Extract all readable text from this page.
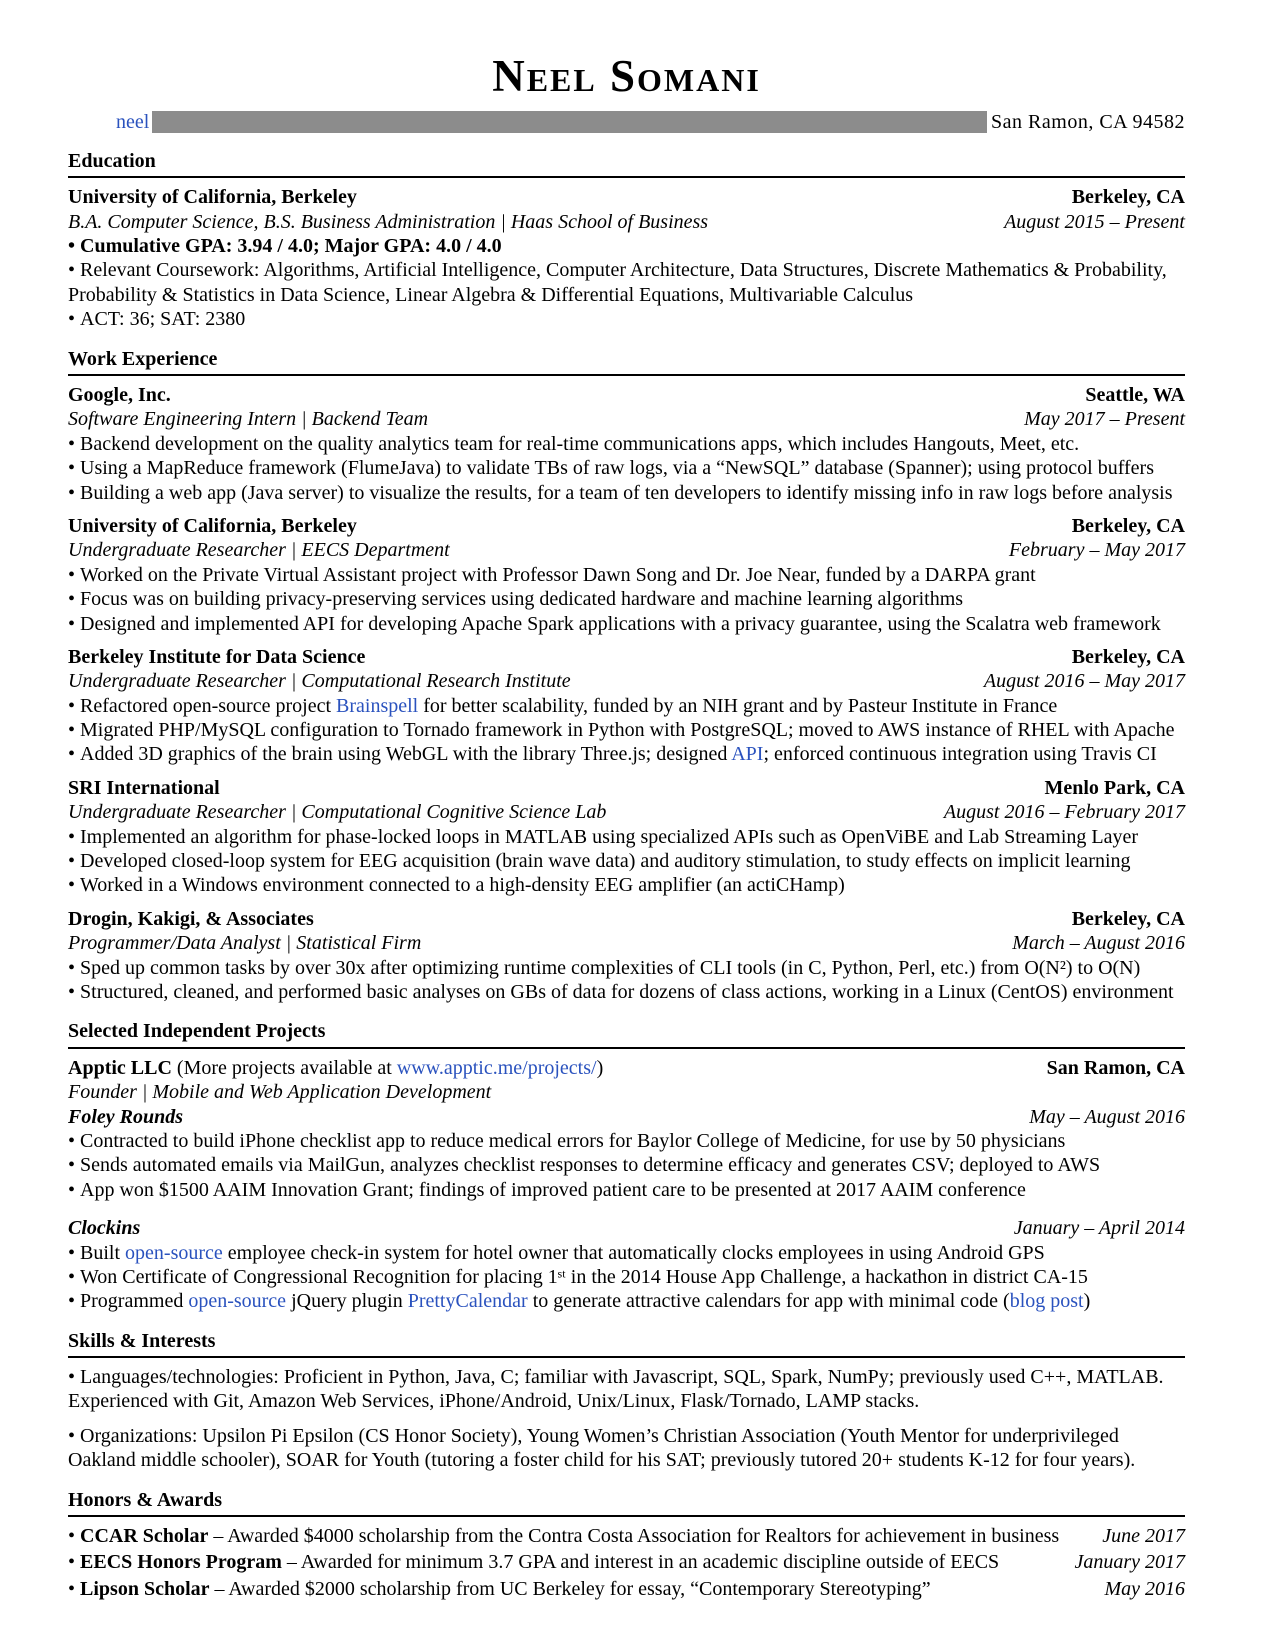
Neel Somani
neel	San Ramon, CA 94582
Education
University of California, Berkeley	Berkeley, CA
B.A. Computer Science, B.S. Business Administration | Haas School of Business	August 2015 – Present
• Cumulative GPA: 3.94 / 4.0; Major GPA: 4.0 / 4.0
• Relevant Coursework: Algorithms, Artificial Intelligence, Computer Architecture, Data Structures, Discrete Mathematics & Probability, Probability & Statistics in Data Science, Linear Algebra & Differential Equations, Multivariable Calculus
• ACT: 36; SAT: 2380
Work Experience
Google, Inc.	Seattle, WA
Software Engineering Intern | Backend Team	May 2017 – Present
• Backend development on the quality analytics team for real-time communications apps, which includes Hangouts, Meet, etc.
• Using a MapReduce framework (FlumeJava) to validate TBs of raw logs, via a “NewSQL” database (Spanner); using protocol buffers
• Building a web app (Java server) to visualize the results, for a team of ten developers to identify missing info in raw logs before analysis
University of California, Berkeley	Berkeley, CA
Undergraduate Researcher | EECS Department	February – May 2017
• Worked on the Private Virtual Assistant project with Professor Dawn Song and Dr. Joe Near, funded by a DARPA grant
• Focus was on building privacy-preserving services using dedicated hardware and machine learning algorithms
• Designed and implemented API for developing Apache Spark applications with a privacy guarantee, using the Scalatra web framework
Berkeley Institute for Data Science	Berkeley, CA
Undergraduate Researcher | Computational Research Institute	August 2016 – May 2017
• Refactored open-source project Brainspell for better scalability, funded by an NIH grant and by Pasteur Institute in France
• Migrated PHP/MySQL configuration to Tornado framework in Python with PostgreSQL; moved to AWS instance of RHEL with Apache
• Added 3D graphics of the brain using WebGL with the library Three.js; designed API; enforced continuous integration using Travis CI
SRI International	Menlo Park, CA
Undergraduate Researcher | Computational Cognitive Science Lab	August 2016 – February 2017
• Implemented an algorithm for phase-locked loops in MATLAB using specialized APIs such as OpenViBE and Lab Streaming Layer
• Developed closed-loop system for EEG acquisition (brain wave data) and auditory stimulation, to study effects on implicit learning
• Worked in a Windows environment connected to a high-density EEG amplifier (an actiCHamp)
Drogin, Kakigi, & Associates	Berkeley, CA
Programmer/Data Analyst | Statistical Firm	March – August 2016
• Sped up common tasks by over 30x after optimizing runtime complexities of CLI tools (in C, Python, Perl, etc.) from O(N²) to O(N)
• Structured, cleaned, and performed basic analyses on GBs of data for dozens of class actions, working in a Linux (CentOS) environment
Selected Independent Projects
Apptic LLC (More projects available at www.apptic.me/projects/)	San Ramon, CA
Founder | Mobile and Web Application Development
Foley Rounds	May – August 2016
• Contracted to build iPhone checklist app to reduce medical errors for Baylor College of Medicine, for use by 50 physicians
• Sends automated emails via MailGun, analyzes checklist responses to determine efficacy and generates CSV; deployed to AWS
• App won $1500 AAIM Innovation Grant; findings of improved patient care to be presented at 2017 AAIM conference
Clockins	January – April 2014
• Built open-source employee check-in system for hotel owner that automatically clocks employees in using Android GPS
• Won Certificate of Congressional Recognition for placing 1ˢᵗ in the 2014 House App Challenge, a hackathon in district CA-15
• Programmed open-source jQuery plugin PrettyCalendar to generate attractive calendars for app with minimal code (blog post)
Skills & Interests
• Languages/technologies: Proficient in Python, Java, C; familiar with Javascript, SQL, Spark, NumPy; previously used C++, MATLAB. Experienced with Git, Amazon Web Services, iPhone/Android, Unix/Linux, Flask/Tornado, LAMP stacks.
• Organizations: Upsilon Pi Epsilon (CS Honor Society), Young Women’s Christian Association (Youth Mentor for underprivileged Oakland middle schooler), SOAR for Youth (tutoring a foster child for his SAT; previously tutored 20+ students K-12 for four years).
Honors & Awards
• CCAR Scholar – Awarded $4000 scholarship from the Contra Costa Association for Realtors for achievement in business	June 2017
• EECS Honors Program – Awarded for minimum 3.7 GPA and interest in an academic discipline outside of EECS	January 2017
• Lipson Scholar – Awarded $2000 scholarship from UC Berkeley for essay, “Contemporary Stereotyping”	May 2016
